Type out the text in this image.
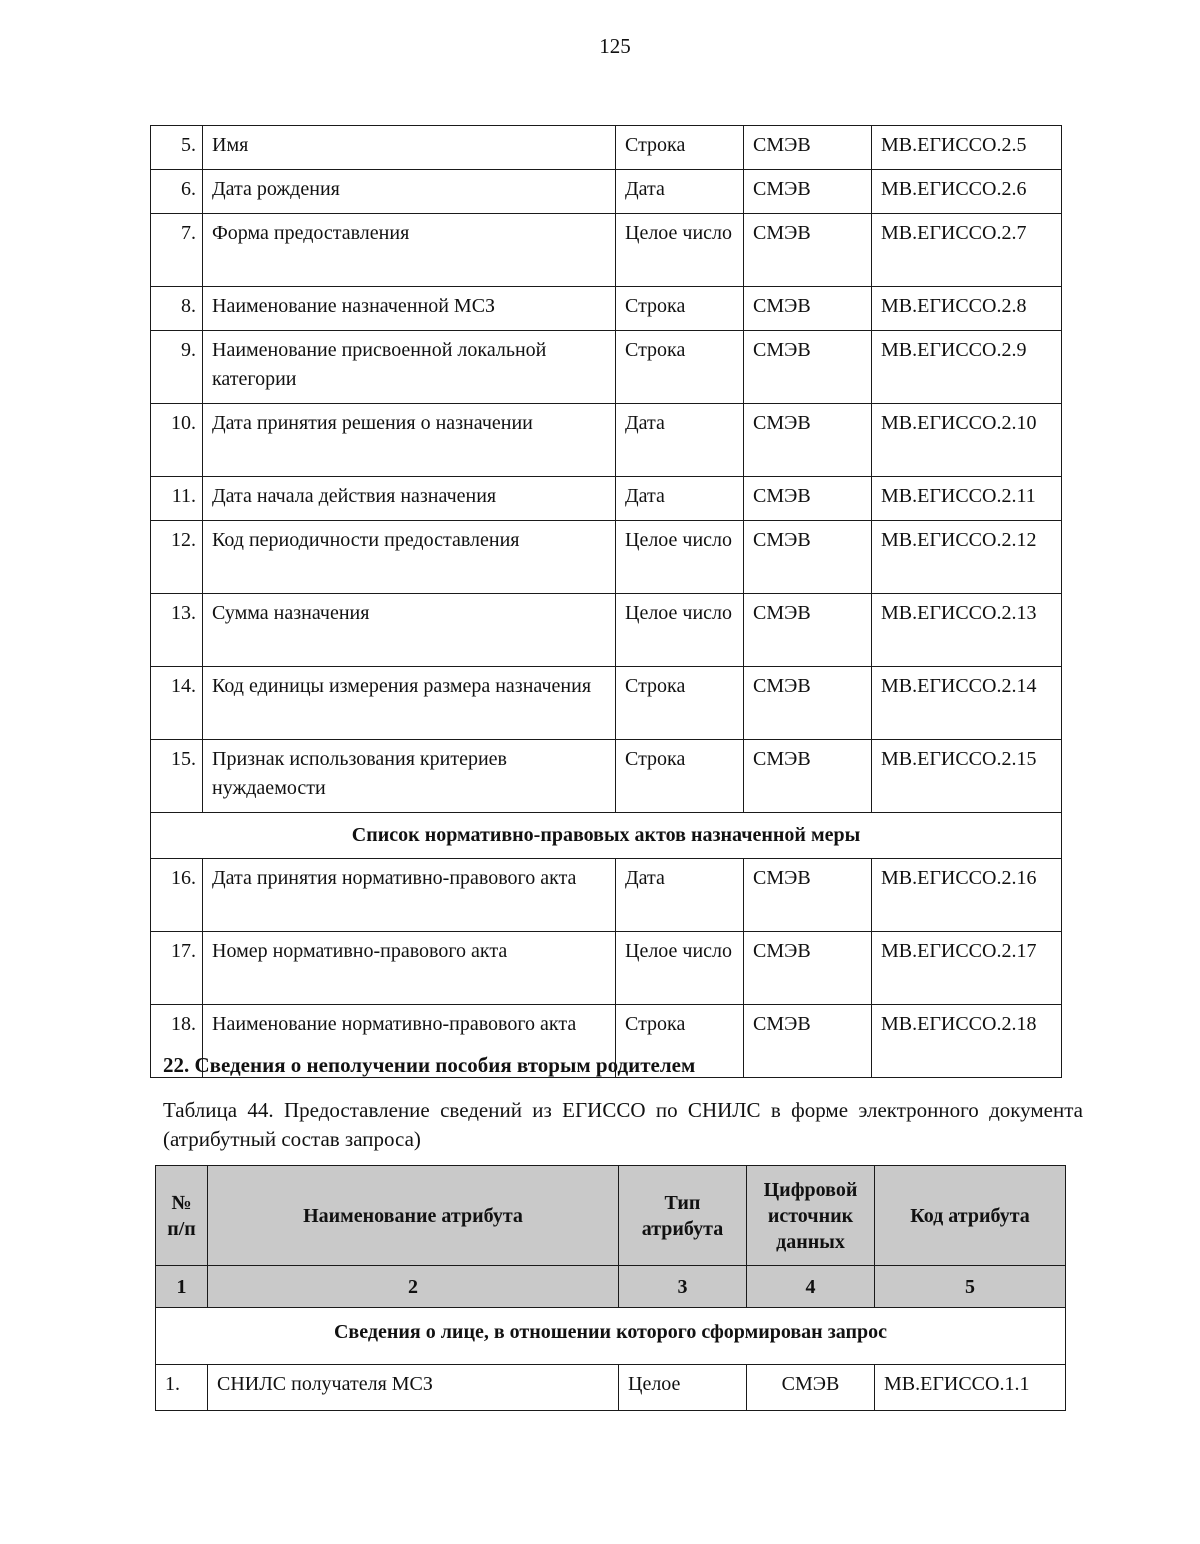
125
5.	Имя	Строка	СМЭВ	МВ.ЕГИССО.2.5
6.	Дата рождения	Дата	СМЭВ	МВ.ЕГИССО.2.6
7.	Форма предоставления	Целое число	СМЭВ	МВ.ЕГИССО.2.7
8.	Наименование назначенной МСЗ	Строка	СМЭВ	МВ.ЕГИССО.2.8
9.	Наименование присвоенной локальной категории	Строка	СМЭВ	МВ.ЕГИССО.2.9
10.	Дата принятия решения о назначении	Дата	СМЭВ	МВ.ЕГИССО.2.10
11.	Дата начала действия назначения	Дата	СМЭВ	МВ.ЕГИССО.2.11
12.	Код периодичности предоставления	Целое число	СМЭВ	МВ.ЕГИССО.2.12
13.	Сумма назначения	Целое число	СМЭВ	МВ.ЕГИССО.2.13
14.	Код единицы измерения размера назначения	Строка	СМЭВ	МВ.ЕГИССО.2.14
15.	Признак использования критериев нуждаемости	Строка	СМЭВ	МВ.ЕГИССО.2.15
Список нормативно-правовых актов назначенной меры				
16.	Дата принятия нормативно-правового акта	Дата	СМЭВ	МВ.ЕГИССО.2.16
17.	Номер нормативно-правового акта	Целое число	СМЭВ	МВ.ЕГИССО.2.17
18.	Наименование нормативно-правового акта	Строка	СМЭВ	МВ.ЕГИССО.2.18
22. Сведения о неполучении пособия вторым родителем
Таблица 44. Предоставление сведений из ЕГИССО по СНИЛС в форме электронного документа (атрибутный состав запроса)
№ п/п	Наименование атрибута	Тип атрибута	Цифровой источник данных	Код атрибута
1	2	3	4	5
Сведения о лице, в отношении которого сформирован запрос				
1.	СНИЛС получателя МСЗ	Целое	СМЭВ	МВ.ЕГИССО.1.1
